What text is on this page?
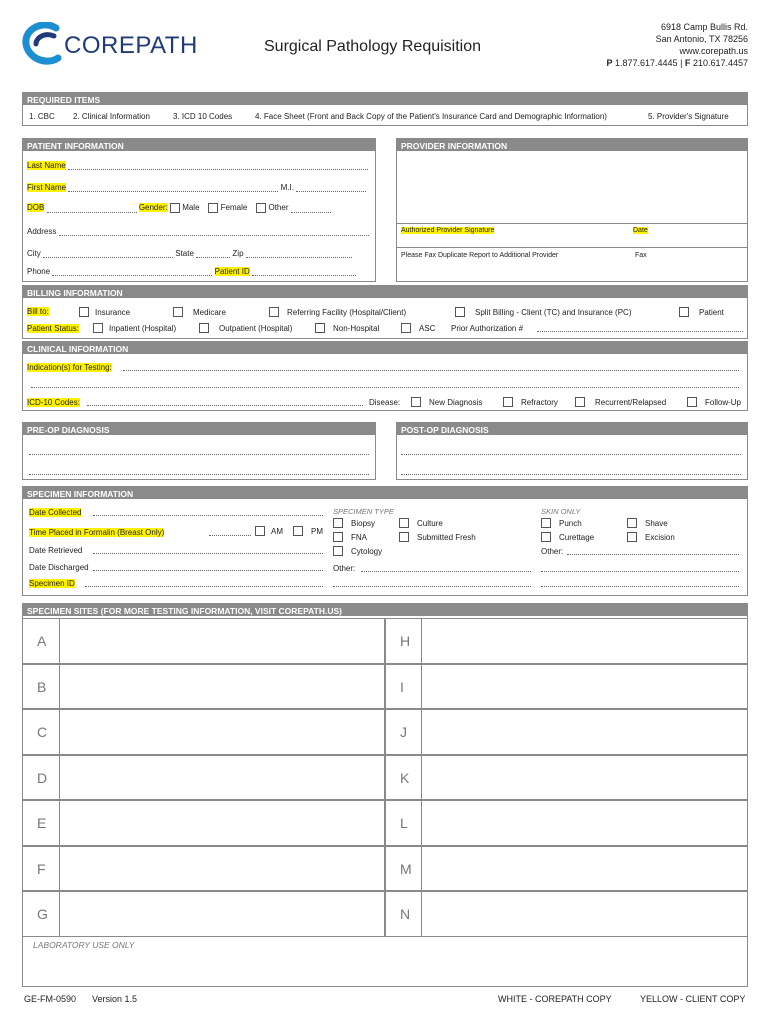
COREPATH	Surgical Pathology Requisition
6918 Camp Bullis Rd.
San Antonio, TX 78256
www.corepath.us
P 1.877.617.4445 | F 210.617.4457
REQUIRED ITEMS
1. CBC 2. Clinical Information	3. ICD 10 Codes	4. Face Sheet (Front and Back Copy of the Patient's Insurance Card and Demographic Information)	5. Provider's Signature
PATIENT INFORMATION
Last Name
First Name	M.I.
DOB	Gender: Male	Female	Other
Address
City	State	Zip
Phone	Patient ID
PROVIDER INFORMATION
Authorized Provider Signature	Date
Please Fax Duplicate Report to Additional Provider	Fax
BILLING INFORMATION
Bill to:	Insurance	Medicare	Referring Facility (Hospital/Client)	Split Billing - Client (TC) and Insurance (PC)	Patient
Patient Status:	Inpatient (Hospital)	Outpatient (Hospital)	Non-Hospital	ASC Prior Authorization #
CLINICAL INFORMATION
Indication(s) for Testing:
ICD-10 Codes:	Disease:	New Diagnosis	Refractory	Recurrent/Relapsed	Follow-Up
PRE-OP DIAGNOSIS	POST-OP DIAGNOSIS
SPECIMEN INFORMATION
Date Collected
Time Placed in Formalin (Breast Only)	AM	PM
Date Retrieved
Date Discharged
Specimen ID
SPECIMEN TYPE
Biopsy	Culture
FNA	Submitted Fresh
Cytology
Other:
SKIN ONLY
Punch	Shave
Curettage	Excision
Other:
SPECIMEN SITES (FOR MORE TESTING INFORMATION, VISIT COREPATH.US)
A	H
B	I
C	J
D	K
E	L
F	M
G	N
LABORATORY USE ONLY
GE-FM-0590 Version 1.5	WHITE - COREPATH COPY	YELLOW - CLIENT COPY
